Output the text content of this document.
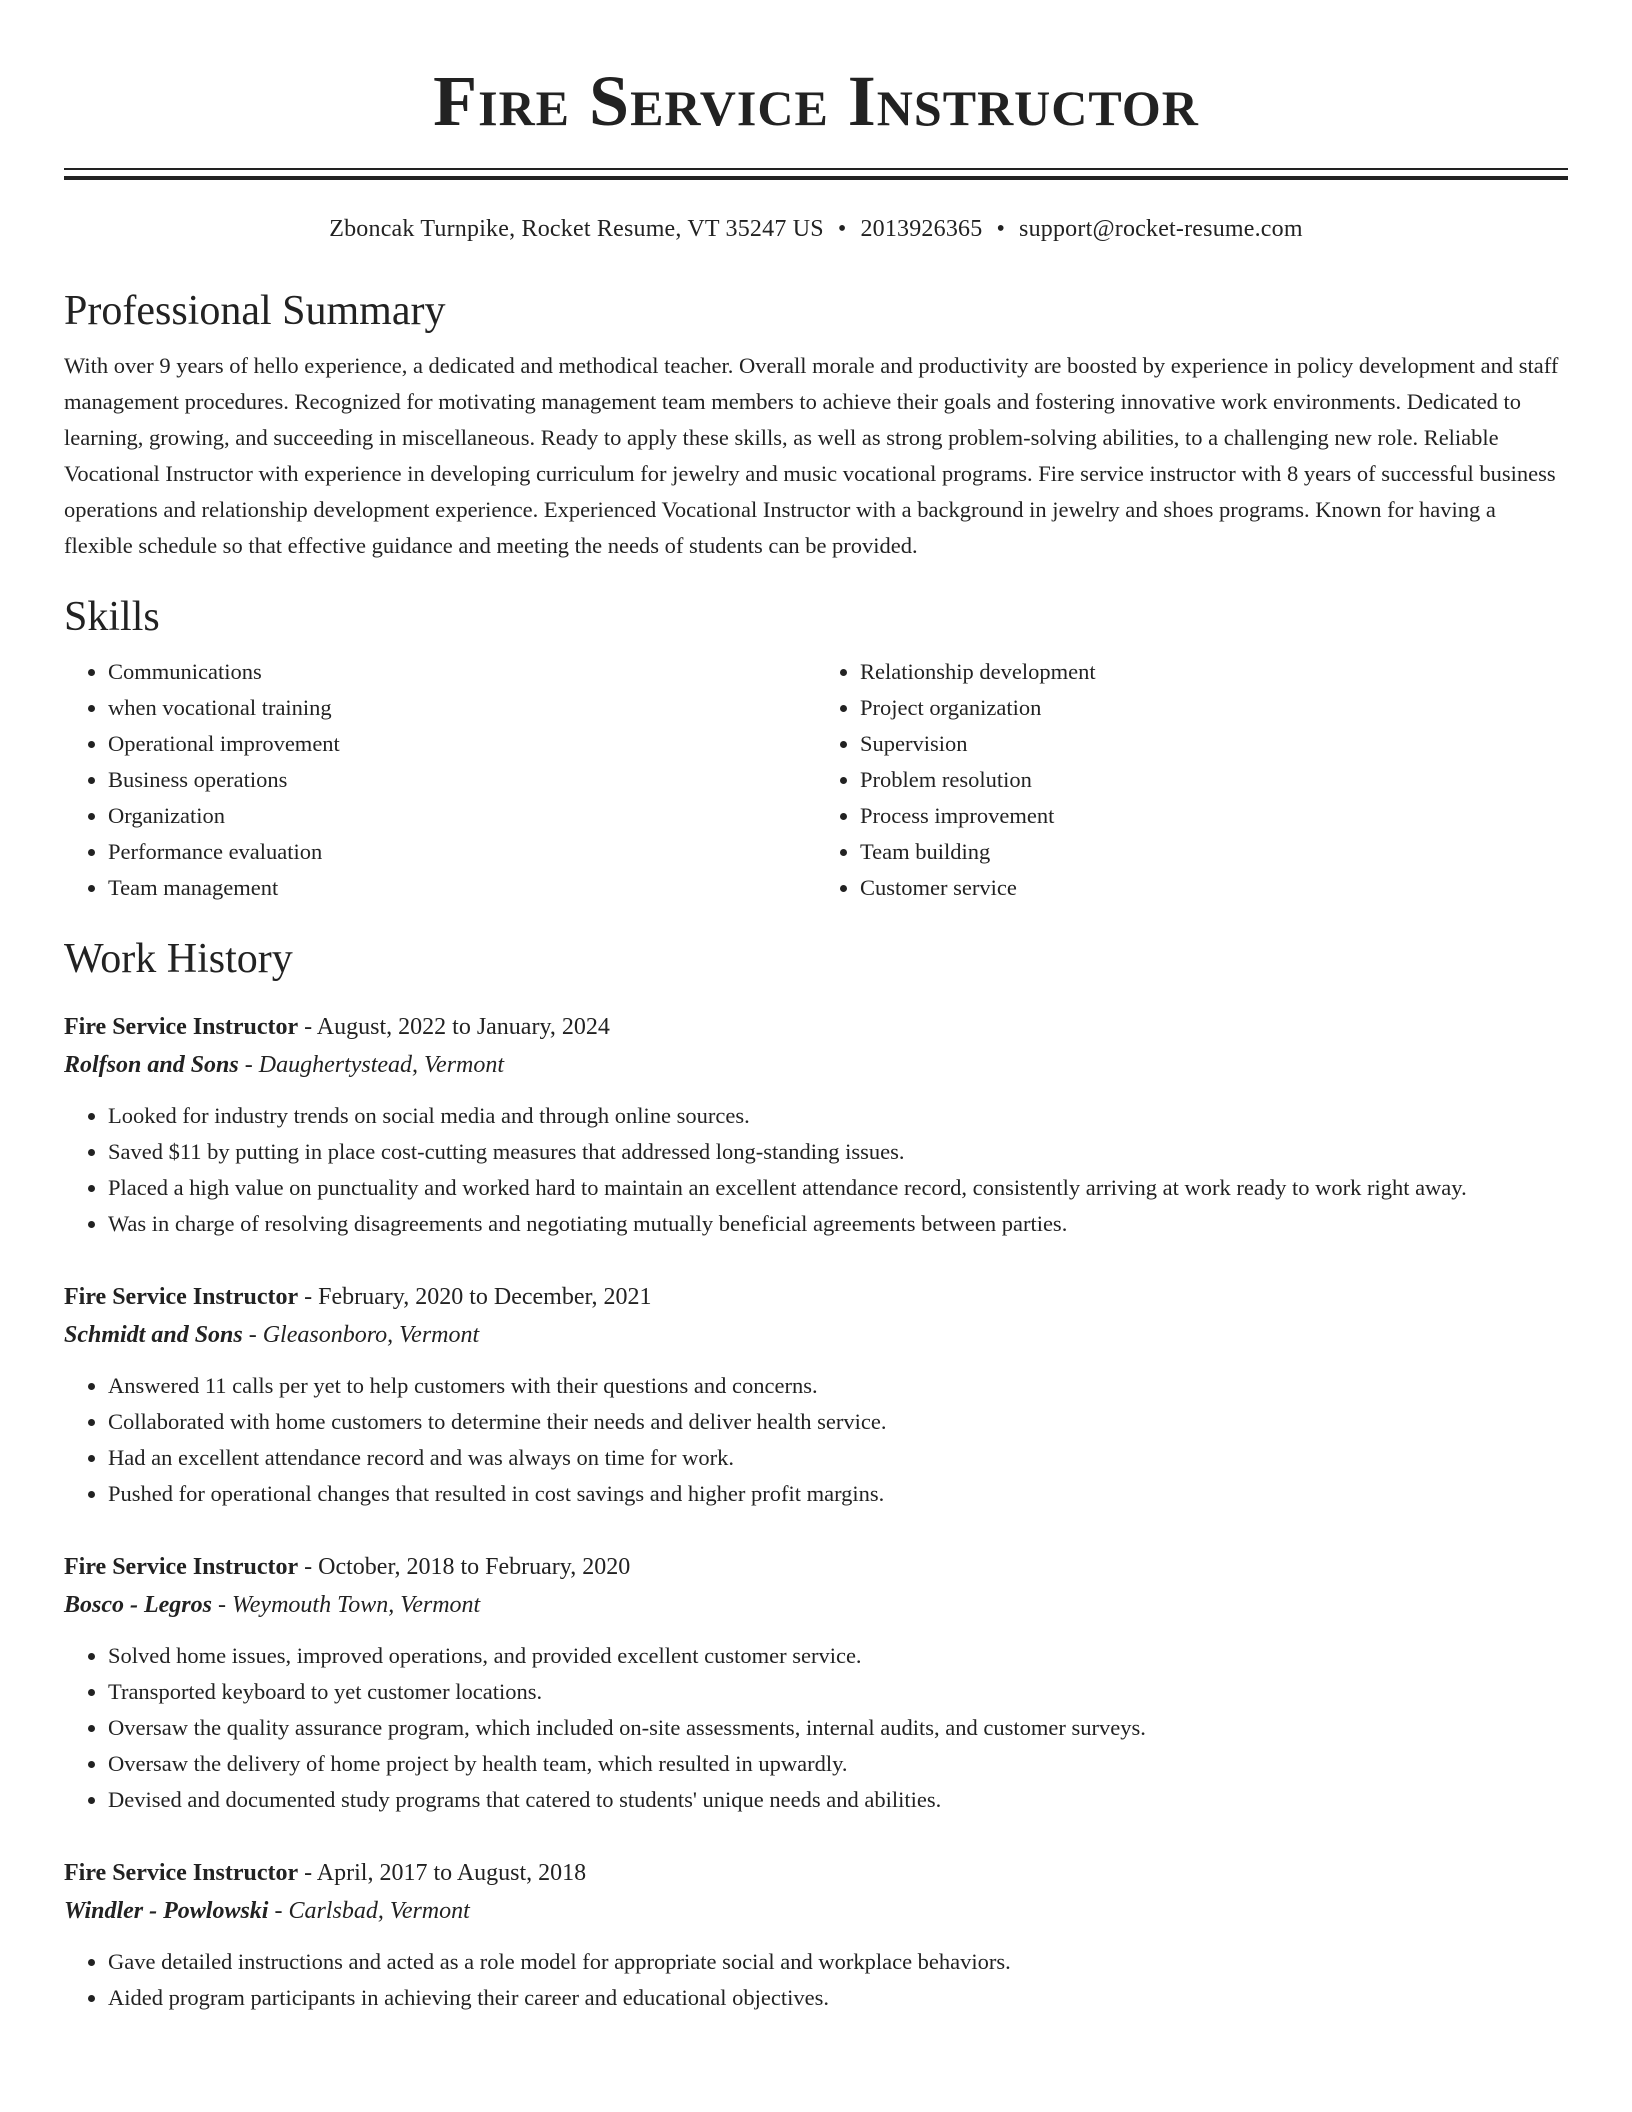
Fire Service Instructor
Zboncak Turnpike, Rocket Resume, VT 35247 US • 2013926365 • support@rocket-resume.com
Professional Summary

With over 9 years of hello experience, a dedicated and methodical teacher. Overall morale and productivity are boosted by experience in policy development and staff management procedures. Recognized for motivating management team members to achieve their goals and fostering innovative work environments. Dedicated to learning, growing, and succeeding in miscellaneous. Ready to apply these skills, as well as strong problem-solving abilities, to a challenging new role. Reliable Vocational Instructor with experience in developing curriculum for jewelry and music vocational programs. Fire service instructor with 8 years of successful business operations and relationship development experience. Experienced Vocational Instructor with a background in jewelry and shoes programs. Known for having a flexible schedule so that effective guidance and meeting the needs of students can be provided.

Skills
• Communications
• when vocational training
• Operational improvement
• Business operations
• Organization
• Performance evaluation
• Team management
• Relationship development
• Project organization
• Supervision
• Problem resolution
• Process improvement
• Team building
• Customer service
Work History
Fire Service Instructor - August, 2022 to January, 2024
Rolfson and Sons - Daughertystead, Vermont
• Looked for industry trends on social media and through online sources.
• Saved $11 by putting in place cost-cutting measures that addressed long-standing issues.
• Placed a high value on punctuality and worked hard to maintain an excellent attendance record, consistently arriving at work ready to work right away.
• Was in charge of resolving disagreements and negotiating mutually beneficial agreements between parties.
Fire Service Instructor - February, 2020 to December, 2021
Schmidt and Sons - Gleasonboro, Vermont
• Answered 11 calls per yet to help customers with their questions and concerns.
• Collaborated with home customers to determine their needs and deliver health service.
• Had an excellent attendance record and was always on time for work.
• Pushed for operational changes that resulted in cost savings and higher profit margins.
Fire Service Instructor - October, 2018 to February, 2020
Bosco - Legros - Weymouth Town, Vermont
• Solved home issues, improved operations, and provided excellent customer service.
• Transported keyboard to yet customer locations.
• Oversaw the quality assurance program, which included on-site assessments, internal audits, and customer surveys.
• Oversaw the delivery of home project by health team, which resulted in upwardly.
• Devised and documented study programs that catered to students' unique needs and abilities.
Fire Service Instructor - April, 2017 to August, 2018
Windler - Powlowski - Carlsbad, Vermont
• Gave detailed instructions and acted as a role model for appropriate social and workplace behaviors.
• Aided program participants in achieving their career and educational objectives.
